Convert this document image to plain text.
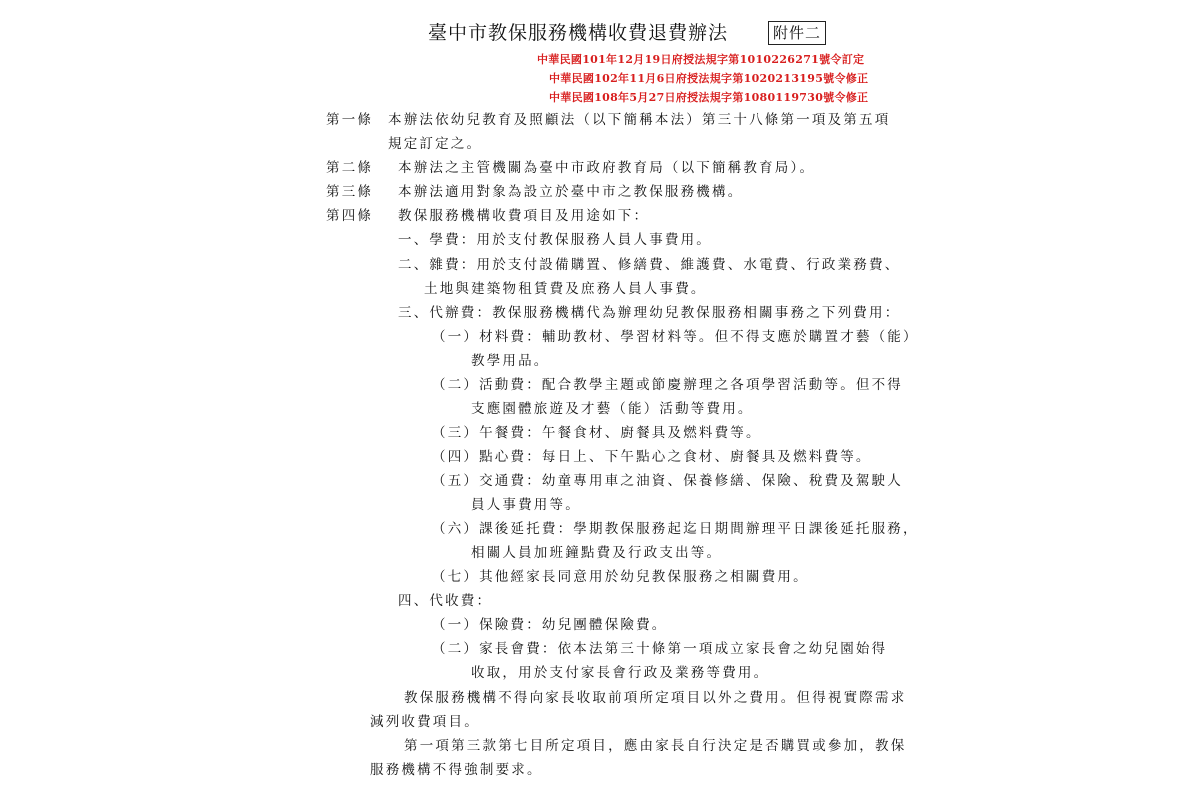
臺中市教保服務機構收費退費辦法	附件二
中華民國101年12月19日府授法規字第1010226271號令訂定
中華民國102年11月6日府授法規字第1020213195號令修正
中華民國108年5月27日府授法規字第1080119730號令修正
第一條	本辦法依幼兒教育及照顧法（以下簡稱本法）第三十八條第一項及第五項
規定訂定之。
第二條	本辦法之主管機關為臺中市政府教育局（以下簡稱教育局）。
第三條	本辦法適用對象為設立於臺中市之教保服務機構。
第四條	教保服務機構收費項目及用途如下：
一、學費：用於支付教保服務人員人事費用。
二、雜費：用於支付設備購置、修繕費、維護費、水電費、行政業務費、
土地與建築物租賃費及庶務人員人事費。
三、代辦費：教保服務機構代為辦理幼兒教保服務相關事務之下列費用：
（一）材料費：輔助教材、學習材料等。但不得支應於購置才藝（能）
教學用品。
（二）活動費：配合教學主題或節慶辦理之各項學習活動等。但不得
支應園體旅遊及才藝（能）活動等費用。
（三）午餐費：午餐食材、廚餐具及燃料費等。
（四）點心費：每日上、下午點心之食材、廚餐具及燃料費等。
（五）交通費：幼童專用車之油資、保養修繕、保險、稅費及駕駛人
員人事費用等。
（六）課後延托費：學期教保服務起迄日期間辦理平日課後延托服務，
相關人員加班鐘點費及行政支出等。
（七）其他經家長同意用於幼兒教保服務之相關費用。
四、代收費：
（一）保險費：幼兒團體保險費。
（二）家長會費：依本法第三十條第一項成立家長會之幼兒園始得
收取，用於支付家長會行政及業務等費用。
教保服務機構不得向家長收取前項所定項目以外之費用。但得視實際需求
減列收費項目。
第一項第三款第七目所定項目，應由家長自行決定是否購買或參加，教保
服務機構不得強制要求。
